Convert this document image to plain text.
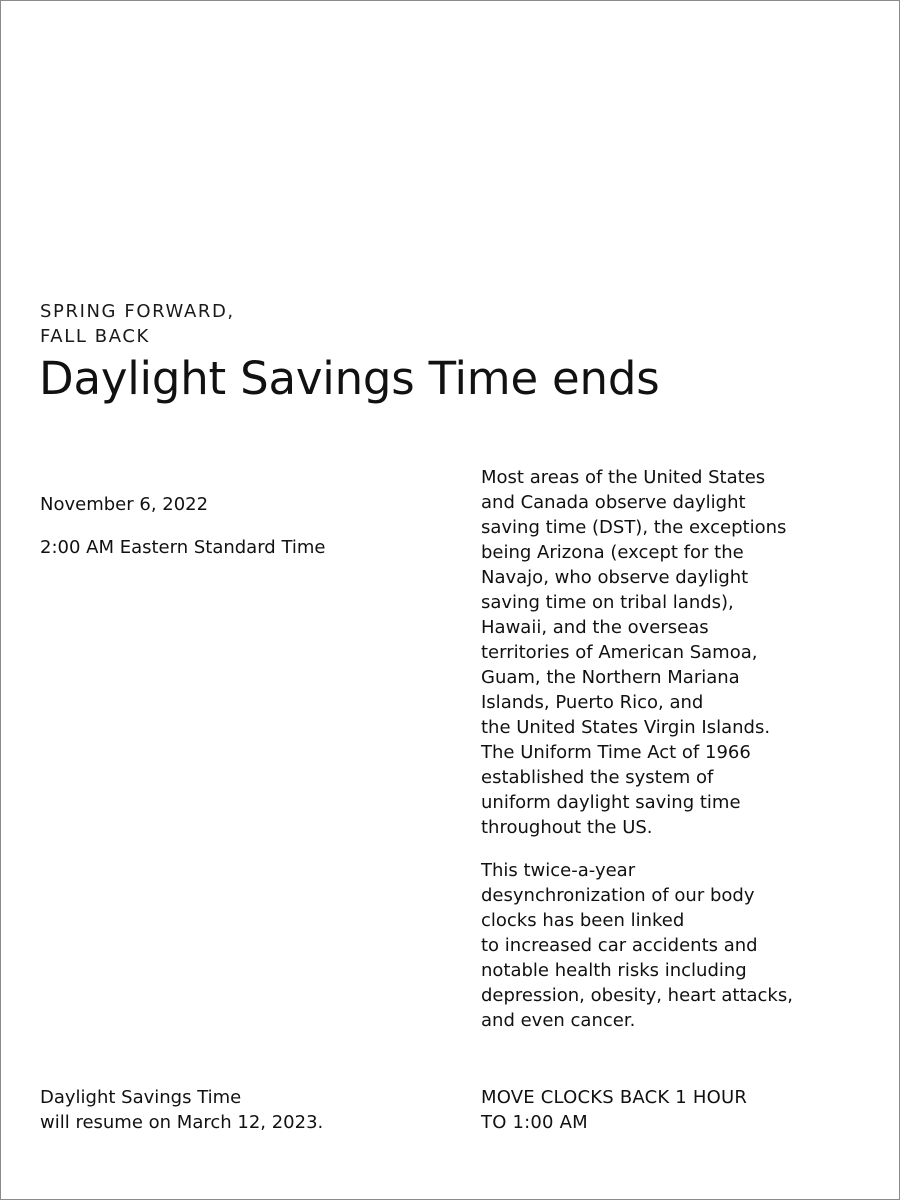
SPRING FORWARD,
FALL BACK
Daylight Savings Time ends

November 6, 2022

2:00 AM Eastern Standard Time

Most areas of the United States
and Canada observe daylight
saving time (DST), the exceptions
being Arizona (except for the
Navajo, who observe daylight
saving time on tribal lands),
Hawaii, and the overseas
territories of American Samoa,
Guam, the Northern Mariana
Islands, Puerto Rico, and
the United States Virgin Islands.
The Uniform Time Act of 1966
established the system of
uniform daylight saving time
throughout the US.

This twice-a-year
desynchronization of our body
clocks has been linked
to increased car accidents and
notable health risks including
depression, obesity, heart attacks,
and even cancer.

Daylight Savings Time
will resume on March 12, 2023.
MOVE CLOCKS BACK 1 HOUR
TO 1:00 AM
